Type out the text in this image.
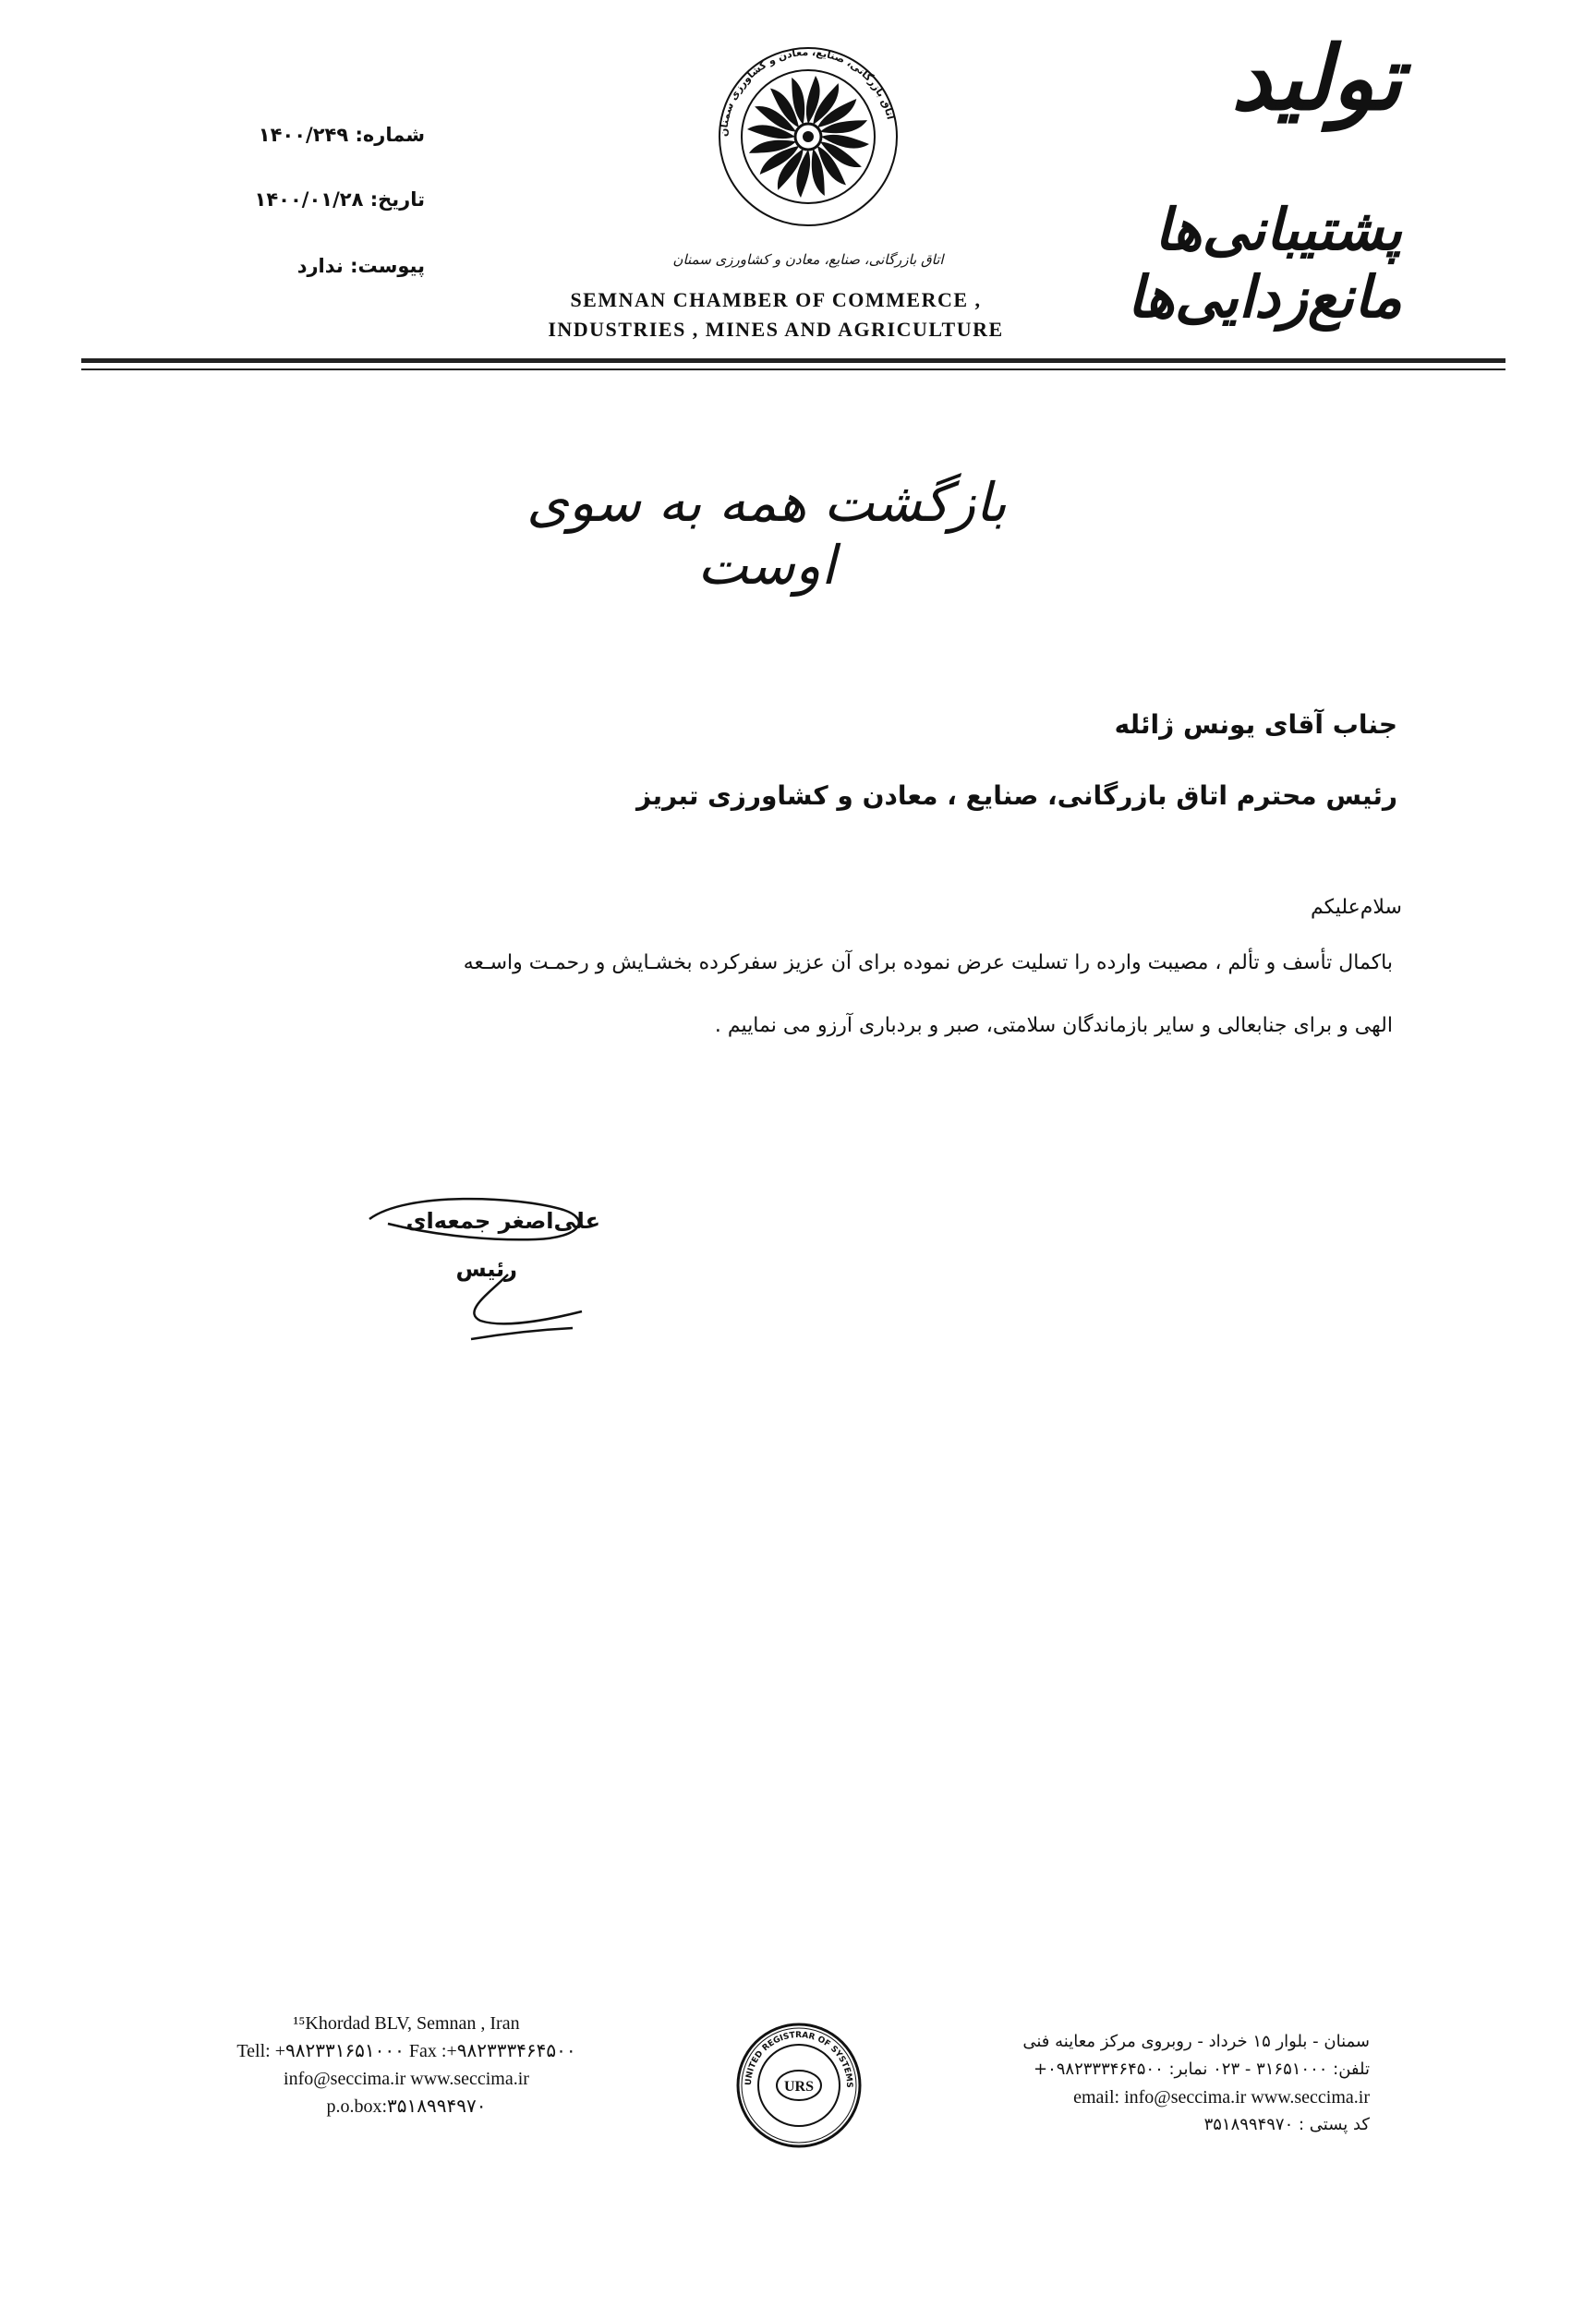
شماره: ۱۴۰۰/۲۴۹
تاریخ: ۱۴۰۰/۰۱/۲۸
پیوست: ندارد
اتاق بازرگانی، صنایع، معادن و کشاورزی سمنان
اتاق بازرگانی، صنایع، معادن و کشاورزی سمنان
SEMNAN CHAMBER OF COMMERCE ,
INDUSTRIES , MINES AND AGRICULTURE
تولید
پشتیبانی‌ها مانع‌زدایی‌ها
بازگشت همه به سوی اوست
جناب آقای یونس ژائله
رئیس محترم اتاق بازرگانی، صنایع ، معادن و کشاورزی تبریز
سلام‌علیکم
باکمال تأسف و تألم ، مصیبت وارده را تسلیت عرض نموده برای آن عزیز سفرکرده بخشـایش و رحمـت واسـعه
الهی و برای جنابعالی و سایر بازماندگان سلامتی، صبر و بردباری آرزو می نماییم .
علی‌اصغر جمعه‌ای
رئیس
¹⁵Khordad BLV, Semnan , Iran
Tell: +۹۸۲۳۳۱۶۵۱۰۰۰ Fax :+۹۸۲۳۳۳۴۶۴۵۰۰
info@seccima.ir www.seccima.ir
p.o.box:۳۵۱۸۹۹۴۹۷۰
UNITED REGISTRAR OF SYSTEMS
URS
سمنان - بلوار ۱۵ خرداد - روبروی مرکز معاینه فنی
تلفن: ۳۱۶۵۱۰۰۰ - ۰۲۳ نمابر: ۰۹۸۲۳۳۳۴۶۴۵۰۰+
email: info@seccima.ir www.seccima.ir
کد پستی : ۳۵۱۸۹۹۴۹۷۰
